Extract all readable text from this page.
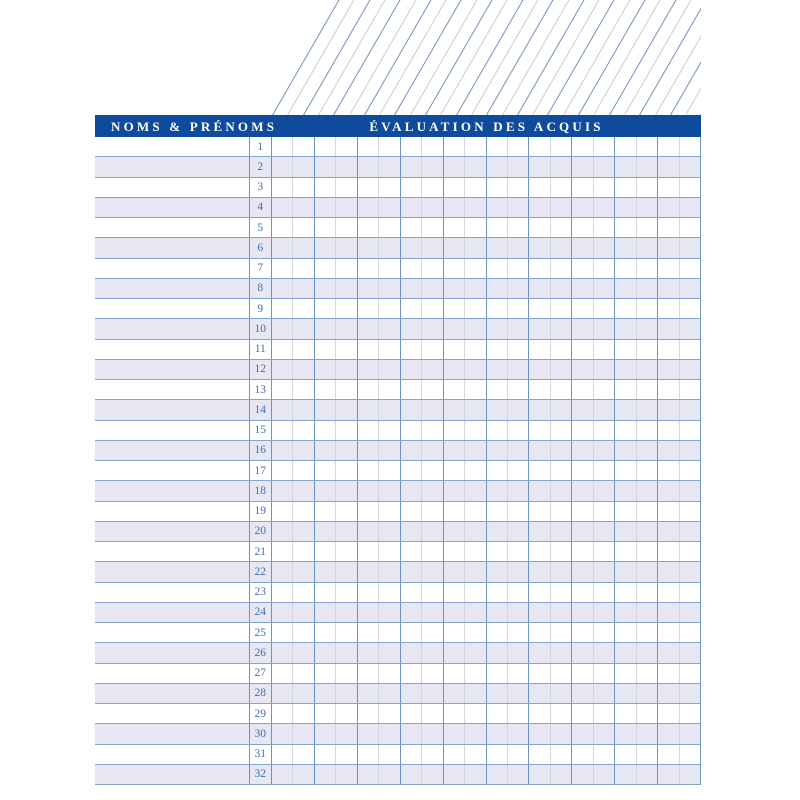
NOMS & PRÉNOMS	ÉVALUATION DES ACQUIS
1
2
3
4
5
6
7
8
9
10
11
12
13
14
15
16
17
18
19
20
21
22
23
24
25
26
27
28
29
30
31
32
